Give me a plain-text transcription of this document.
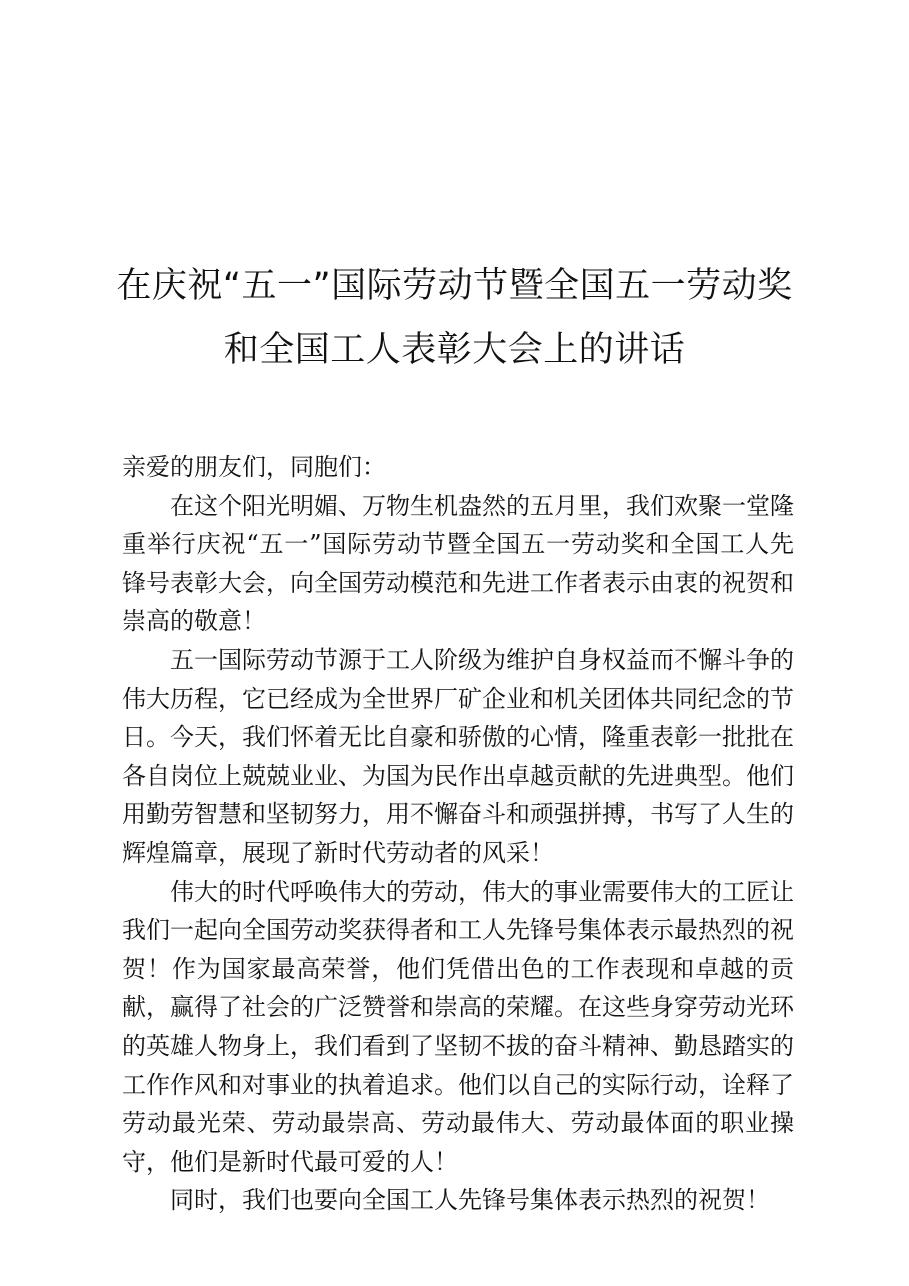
在庆祝“五一”国际劳动节暨全国五一劳动奖
和全国工人表彰大会上的讲话

亲爱的朋友们，同胞们：

在这个阳光明媚、万物生机盎然的五月里，我们欢聚一堂隆重举行庆祝“五一”国际劳动节暨全国五一劳动奖和全国工人先锋号表彰大会，向全国劳动模范和先进工作者表示由衷的祝贺和崇高的敬意！

五一国际劳动节源于工人阶级为维护自身权益而不懈斗争的伟大历程，它已经成为全世界厂矿企业和机关团体共同纪念的节日。今天，我们怀着无比自豪和骄傲的心情，隆重表彰一批批在各自岗位上兢兢业业、为国为民作出卓越贡献的先进典型。他们用勤劳智慧和坚韧努力，用不懈奋斗和顽强拼搏，书写了人生的辉煌篇章，展现了新时代劳动者的风采！

伟大的时代呼唤伟大的劳动，伟大的事业需要伟大的工匠让我们一起向全国劳动奖获得者和工人先锋号集体表示最热烈的祝贺！作为国家最高荣誉，他们凭借出色的工作表现和卓越的贡献，赢得了社会的广泛赞誉和崇高的荣耀。在这些身穿劳动光环的英雄人物身上，我们看到了坚韧不拔的奋斗精神、勤恳踏实的工作作风和对事业的执着追求。他们以自己的实际行动，诠释了劳动最光荣、劳动最崇高、劳动最伟大、劳动最体面的职业操守，他们是新时代最可爱的人！

同时，我们也要向全国工人先锋号集体表示热烈的祝贺！
